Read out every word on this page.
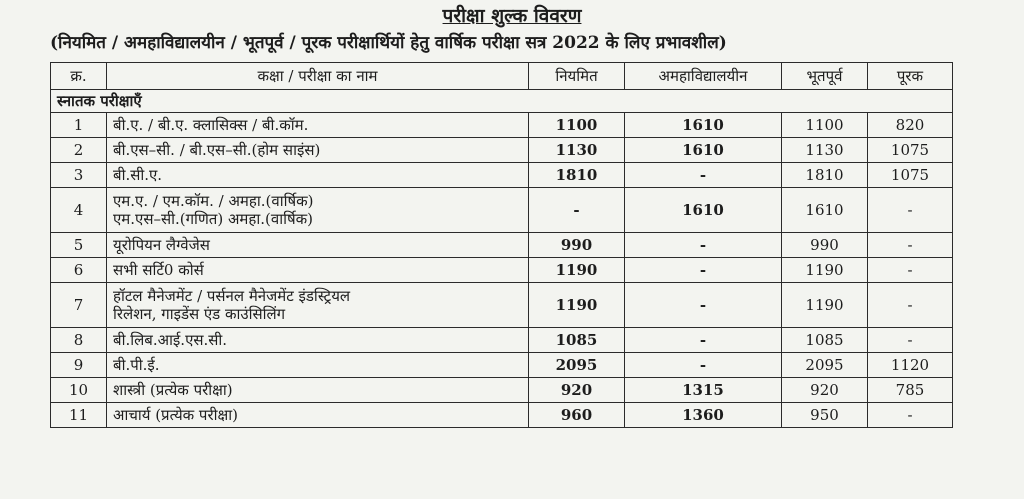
परीक्षा शुल्क विवरण
(नियमित / अमहाविद्यालयीन / भूतपूर्व / पूरक परीक्षार्थियों हेतु वार्षिक परीक्षा सत्र 2022 के लिए प्रभावशील)
क्र.	कक्षा / परीक्षा का नाम	नियमित	अमहाविद्यालयीन	भूतपूर्व	पूरक
स्नातक परीक्षाएँ					
1	बी.ए. / बी.ए. क्लासिक्स / बी.कॉम.	1100	1610	1100	820
2	बी.एस–सी. / बी.एस–सी.(होम साइंस)	1130	1610	1130	1075
3	बी.सी.ए.	1810	-	1810	1075
4	एम.ए. / एम.कॉम. / अमहा.(वार्षिक)
एम.एस–सी.(गणित) अमहा.(वार्षिक)	-	1610	1610	-
5	यूरोपियन लैग्वेजेस	990	-	990	-
6	सभी सर्टि0 कोर्स	1190	-	1190	-
7	हॉटल मैनेजमेंट / पर्सनल मैनेजमेंट इंडस्ट्रियल
रिलेशन, गाइडेंस एंड काउंसिलिंग	1190	-	1190	-
8	बी.लिब.आई.एस.सी.	1085	-	1085	-
9	बी.पी.ई.	2095	-	2095	1120
10	शास्त्री (प्रत्येक परीक्षा)	920	1315	920	785
11	आचार्य (प्रत्येक परीक्षा)	960	1360	950	-
